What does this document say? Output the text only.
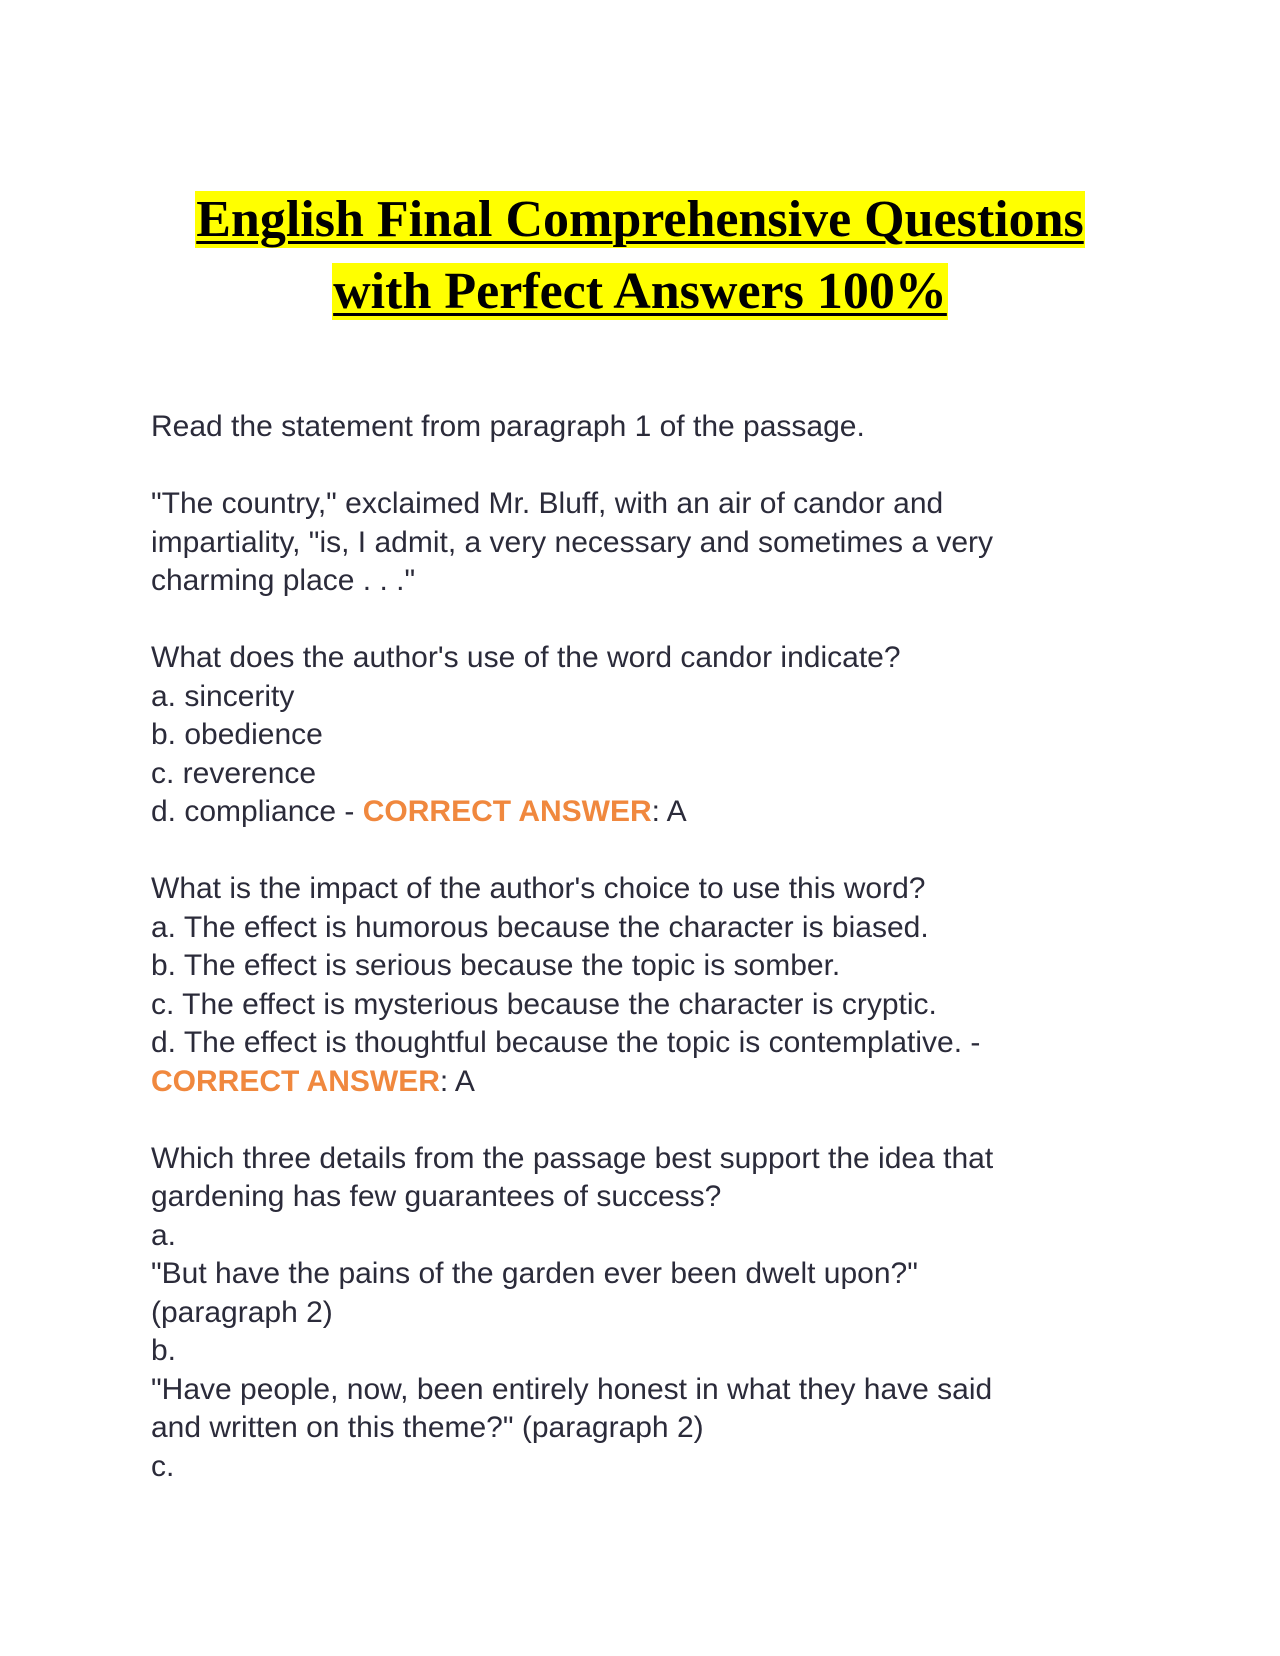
English Final Comprehensive Questions
with Perfect Answers 100%
Read the statement from paragraph 1 of the passage.
"The country," exclaimed Mr. Bluff, with an air of candor and
impartiality, "is, I admit, a very necessary and sometimes a very
charming place . . ."
What does the author's use of the word candor indicate?
a. sincerity
b. obedience
c. reverence
d. compliance - CORRECT ANSWER: A
What is the impact of the author's choice to use this word?
a. The effect is humorous because the character is biased.
b. The effect is serious because the topic is somber.
c. The effect is mysterious because the character is cryptic.
d. The effect is thoughtful because the topic is contemplative. -
CORRECT ANSWER: A
Which three details from the passage best support the idea that
gardening has few guarantees of success?
a.
"But have the pains of the garden ever been dwelt upon?"
(paragraph 2)
b.
"Have people, now, been entirely honest in what they have said
and written on this theme?" (paragraph 2)
c.
